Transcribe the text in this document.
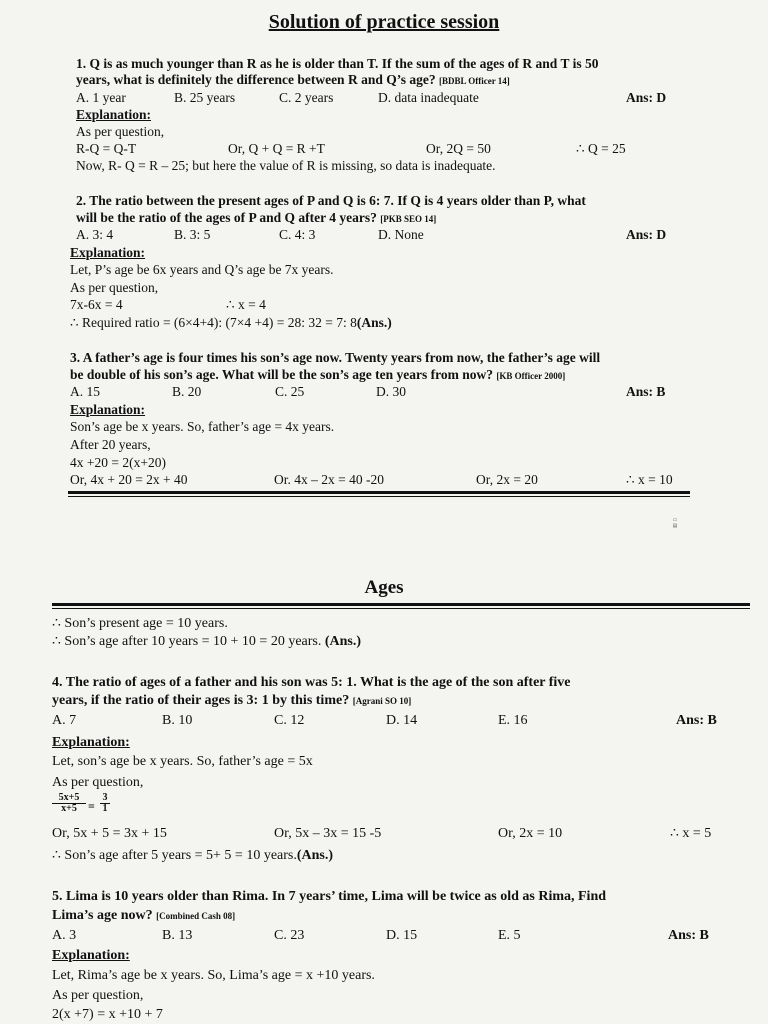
Solution of practice session
1. Q is as much younger than R as he is older than T. If the sum of the ages of R and T is 50
years, what is definitely the difference between R and Q’s age? [BDBL Officer 14]
A. 1 year	B. 25 years	C. 2 years	D. data inadequate	Ans: D
Explanation:
As per question,
R-Q = Q-T	Or, Q + Q = R +T	Or, 2Q = 50	∴ Q = 25
Now, R- Q = R – 25; but here the value of R is missing, so data is inadequate.
2. The ratio between the present ages of P and Q is 6: 7. If Q is 4 years older than P, what
will be the ratio of the ages of P and Q after 4 years? [PKB SEO 14]
A. 3: 4	B. 3: 5	C. 4: 3	D. None	Ans: D
Explanation:
Let, P’s age be 6x years and Q’s age be 7x years.
As per question,
7x-6x = 4	∴ x = 4
∴ Required ratio = (6×4+4): (7×4 +4) = 28: 32 = 7: 8(Ans.)
3. A father’s age is four times his son’s age now. Twenty years from now, the father’s age will
be double of his son’s age. What will be the son’s age ten years from now? [KB Officer 2000]
A. 15	B. 20	C. 25	D. 30	Ans: B
Explanation:
Son’s age be x years. So, father’s age = 4x years.
After 20 years,
4x +20 = 2(x+20)
Or, 4x + 20 = 2x + 40	Or. 4x – 2x = 40 -20	Or, 2x = 20	∴ x = 10
▭
▤
Ages
∴ Son’s present age = 10 years.
∴ Son’s age after 10 years = 10 + 10 = 20 years. (Ans.)
4. The ratio of ages of a father and his son was 5: 1. What is the age of the son after five
years, if the ratio of their ages is 3: 1 by this time? [Agrani SO 10]
A. 7	B. 10	C. 12	D. 14	E. 16	Ans: B
Explanation:
Let, son’s age be x years. So, father’s age = 5x
As per question,
$\frac{5x+5}{x+5} = \frac{3}{1}$
Or, 5x + 5 = 3x + 15	Or, 5x – 3x = 15 -5	Or, 2x = 10	∴ x = 5
∴ Son’s age after 5 years = 5+ 5 = 10 years.(Ans.)
5. Lima is 10 years older than Rima. In 7 years’ time, Lima will be twice as old as Rima, Find
Lima’s age now? [Combined Cash 08]
A. 3	B. 13	C. 23	D. 15	E. 5	Ans: B
Explanation:
Let, Rima’s age be x years. So, Lima’s age = x +10 years.
As per question,
2(x +7) = x +10 + 7
